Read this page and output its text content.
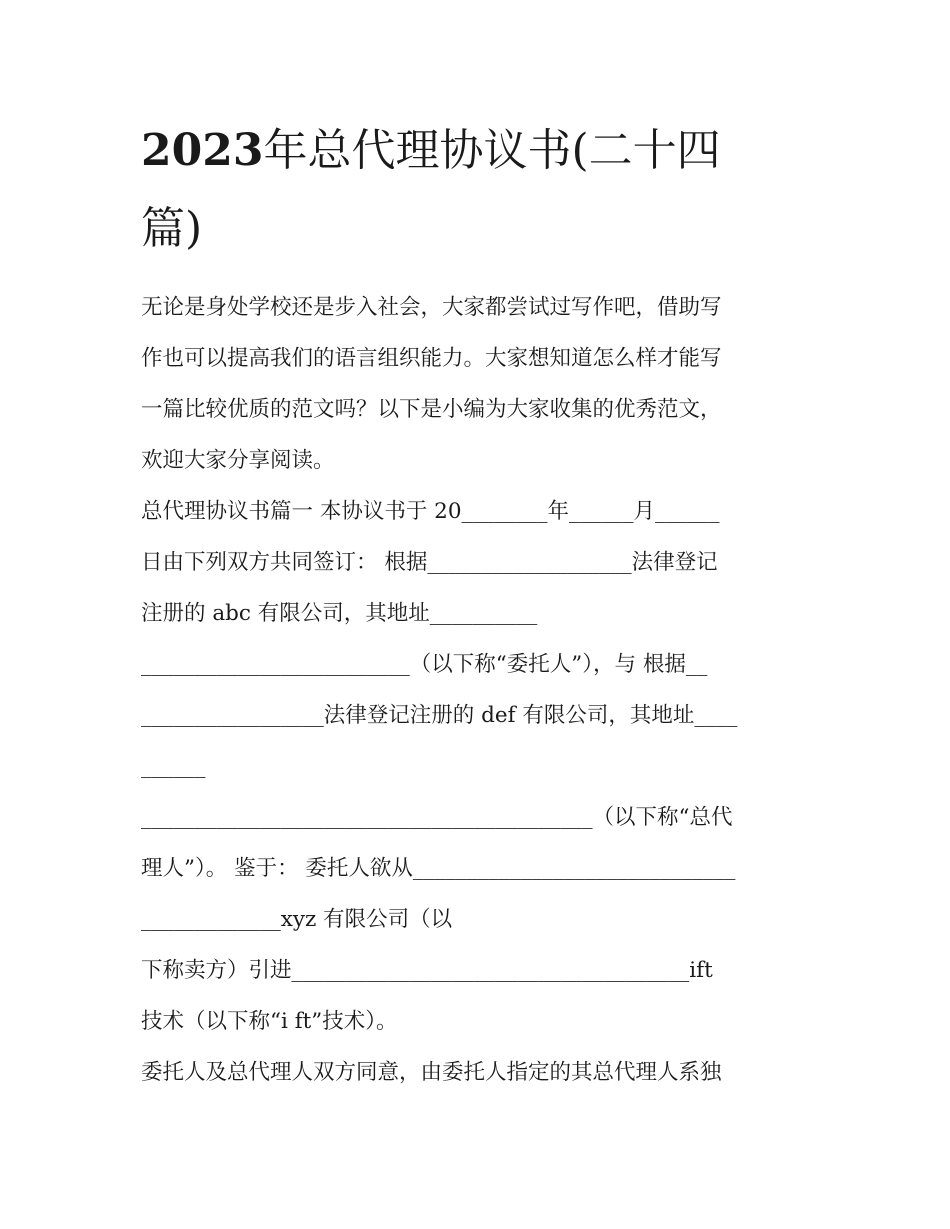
2023年总代理协议书(二十四
篇)
无论是身处学校还是步入社会，大家都尝试过写作吧，借助写
作也可以提高我们的语言组织能力。大家想知道怎么样才能写
一篇比较优质的范文吗？以下是小编为大家收集的优秀范文，
欢迎大家分享阅读。
总代理协议书篇一 本协议书于 20________年______月______
日由下列双方共同签订： 根据___________________法律登记
注册的 abc 有限公司，其地址__________
_________________________（以下称“委托人”），与 根据__
_________________法律登记注册的 def 有限公司，其地址____
______
__________________________________________（以下称“总代
理人”）。 鉴于： 委托人欲从______________________________
_____________xyz 有限公司（以
下称卖方）引进_____________________________________ift
技术（以下称“i ft”技术）。
委托人及总代理人双方同意，由委托人指定的其总代理人系独
